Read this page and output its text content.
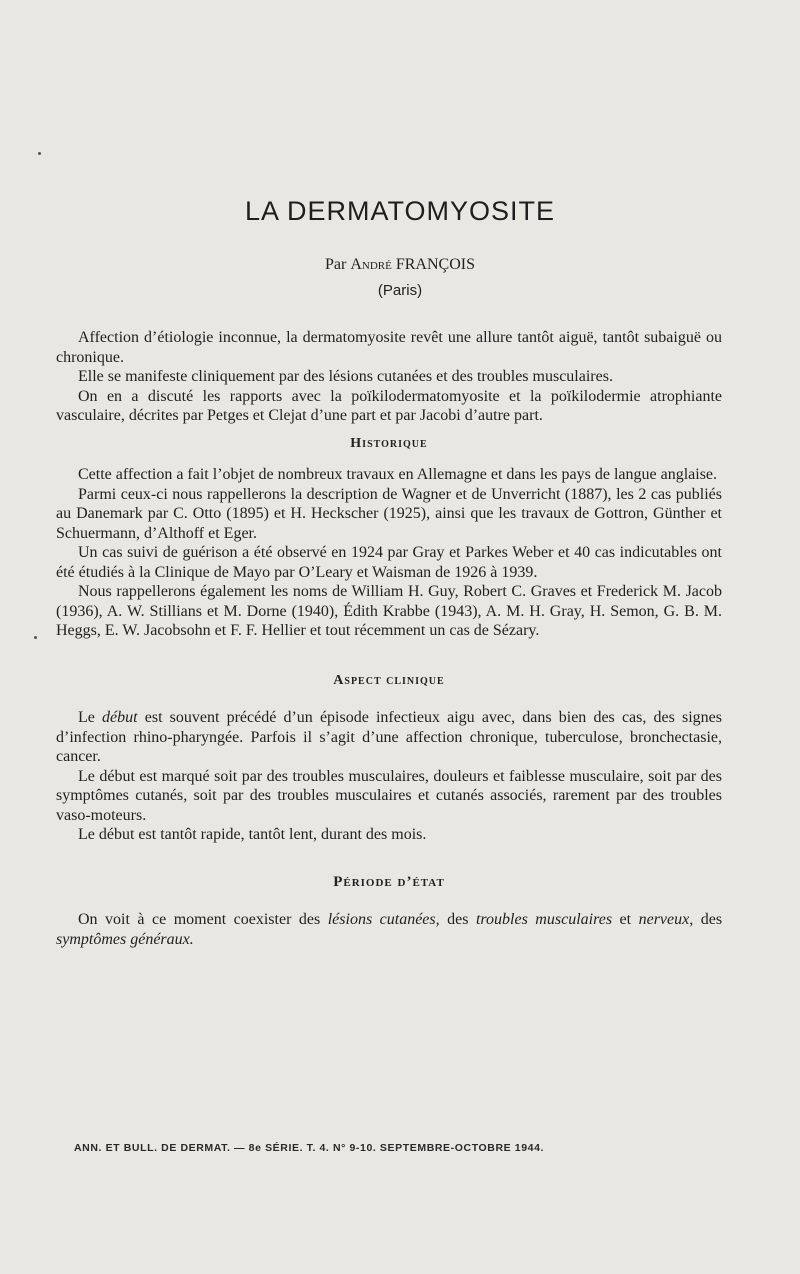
LA DERMATOMYOSITE
Par André FRANÇOIS
(Paris)

Affection d’étiologie inconnue, la dermatomyosite revêt une allure tantôt aiguë, tantôt subaiguë ou chronique.

Elle se manifeste cliniquement par des lésions cutanées et des troubles musculaires.

On en a discuté les rapports avec la poïkilodermatomyosite et la poïkilodermie atrophiante vasculaire, décrites par Petges et Clejat d’une part et par Jacobi d’autre part.

Historique

Cette affection a fait l’objet de nombreux travaux en Allemagne et dans les pays de langue anglaise.

Parmi ceux-ci nous rappellerons la description de Wagner et de Unverricht (1887), les 2 cas publiés au Danemark par C. Otto (1895) et H. Heckscher (1925), ainsi que les travaux de Gottron, Günther et Schuermann, d’Althoff et Eger.

Un cas suivi de guérison a été observé en 1924 par Gray et Parkes Weber et 40 cas indicutables ont été étudiés à la Clinique de Mayo par O’Leary et Waisman de 1926 à 1939.

Nous rappellerons également les noms de William H. Guy, Robert C. Graves et Frederick M. Jacob (1936), A. W. Stillians et M. Dorne (1940), Édith Krabbe (1943), A. M. H. Gray, H. Semon, G. B. M. Heggs, E. W. Jacobsohn et F. F. Hellier et tout récemment un cas de Sézary.

Aspect clinique

Le début est souvent précédé d’un épisode infectieux aigu avec, dans bien des cas, des signes d’infection rhino-pharyngée. Parfois il s’agit d’une affection chronique, tuberculose, bronchectasie, cancer.

Le début est marqué soit par des troubles musculaires, douleurs et faiblesse musculaire, soit par des symptômes cutanés, soit par des troubles musculaires et cutanés associés, rarement par des troubles vaso-moteurs.

Le début est tantôt rapide, tantôt lent, durant des mois.

Période d’état

On voit à ce moment coexister des lésions cutanées, des troubles musculaires et nerveux, des symptômes généraux.

ANN. ET BULL. DE DERMAT. — 8e SÉRIE. T. 4. N° 9-10. SEPTEMBRE-OCTOBRE 1944.
